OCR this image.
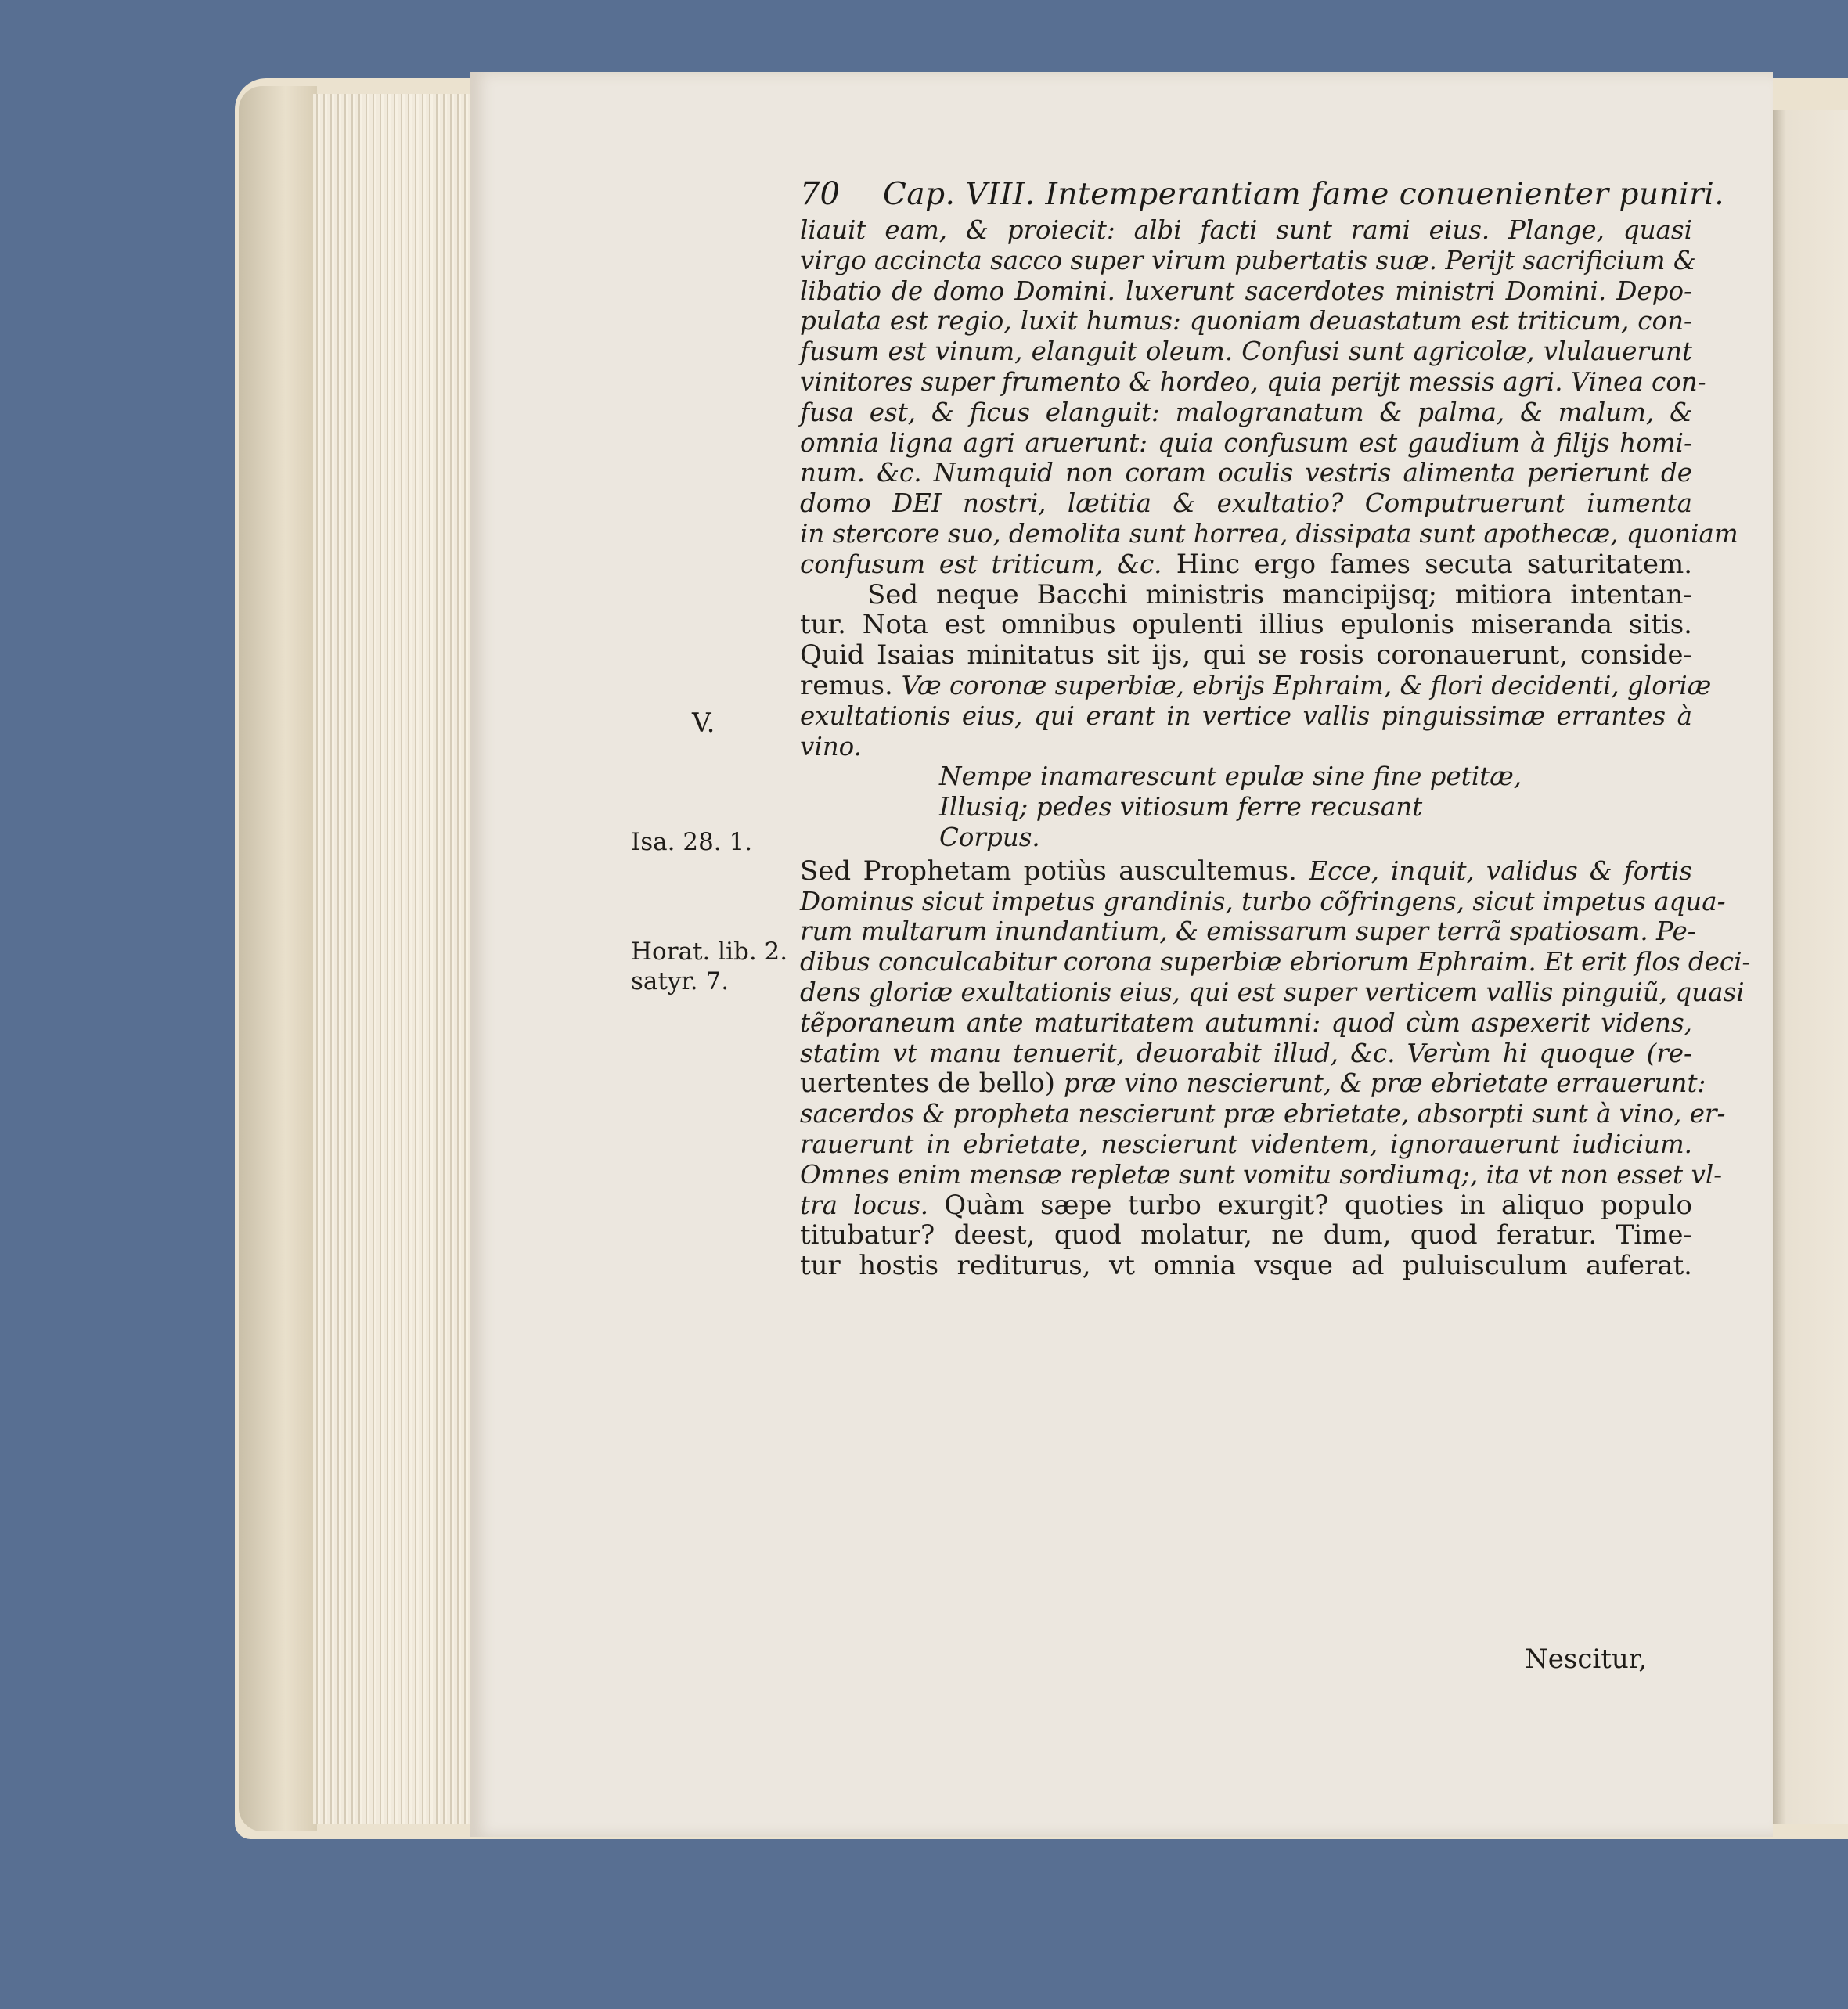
70 Cap. VIII. Intemperantiam fame conuenienter puniri.
liauit eam, & proiecit: albi facti sunt rami eius. Plange, quasi
virgo accincta sacco super virum pubertatis suæ. Perijt sacrificium &
libatio de domo Domini. luxerunt sacerdotes ministri Domini. Depo-
pulata est regio, luxit humus: quoniam deuastatum est triticum, con-
fusum est vinum, elanguit oleum. Confusi sunt agricolæ, vlulauerunt
vinitores super frumento & hordeo, quia perijt messis agri. Vinea con-
fusa est, & ficus elanguit: malogranatum & palma, & malum, &
omnia ligna agri aruerunt: quia confusum est gaudium à filijs homi-
num. &c. Numquid non coram oculis vestris alimenta perierunt de
domo DEI nostri, lætitia & exultatio? Computruerunt iumenta
in stercore suo, demolita sunt horrea, dissipata sunt apothecæ, quoniam
confusum est triticum, &c. Hinc ergo fames secuta saturitatem.
Sed neque Bacchi ministris mancipijsq; mitiora intentan-
tur. Nota est omnibus opulenti illius epulonis miseranda sitis.
Quid Isaias minitatus sit ijs, qui se rosis coronauerunt, conside-
remus. Væ coronæ superbiæ, ebrijs Ephraim, & flori decidenti, gloriæ
exultationis eius, qui erant in vertice vallis pinguissimæ errantes à
vino.
Nempe inamarescunt epulæ sine fine petitæ,
Illusiq; pedes vitiosum ferre recusant
Corpus.
Sed Prophetam potiùs auscultemus. Ecce, inquit, validus & fortis
Dominus sicut impetus grandinis, turbo cõfringens, sicut impetus aqua-
rum multarum inundantium, & emissarum super terrã spatiosam. Pe-
dibus conculcabitur corona superbiæ ebriorum Ephraim. Et erit flos deci-
dens gloriæ exultationis eius, qui est super verticem vallis pinguiũ, quasi
tẽporaneum ante maturitatem autumni: quod cùm aspexerit videns,
statim vt manu tenuerit, deuorabit illud, &c. Verùm hi quoque (re-
uertentes de bello) præ vino nescierunt, & præ ebrietate errauerunt:
sacerdos & propheta nescierunt præ ebrietate, absorpti sunt à vino, er-
rauerunt in ebrietate, nescierunt videntem, ignorauerunt iudicium.
Omnes enim mensæ repletæ sunt vomitu sordiumq;, ita vt non esset vl-
tra locus. Quàm sæpe turbo exurgit? quoties in aliquo populo
titubatur? deest, quod molatur, ne dum, quod feratur. Time-
tur hostis rediturus, vt omnia vsque ad puluisculum auferat.
V.
Isa. 28. 1.
Horat. lib. 2.
satyr. 7.
Nescitur,
